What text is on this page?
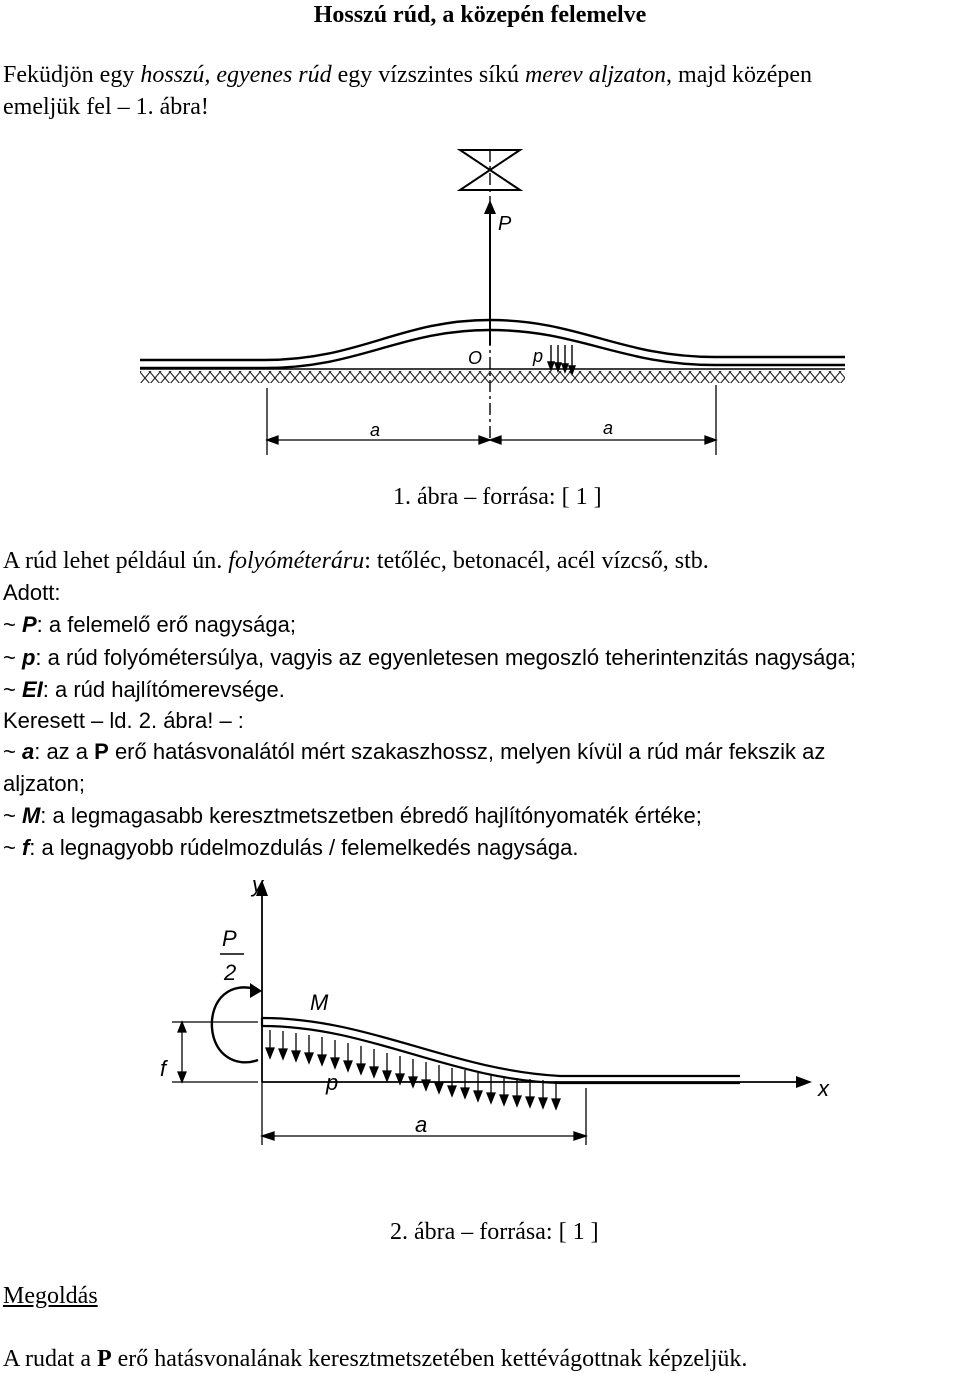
Hosszú rúd, a közepén felemelve
Feküdjön egy hosszú, egyenes rúd egy vízszintes síkú merev aljzaton, majd középen
emeljük fel – 1. ábra!
P
O	p
a	a
1. ábra – forrása: [ 1 ]
A rúd lehet például ún. folyóméteráru: tetőléc, betonacél, acél vízcső, stb.
Adott:
~ P: a felemelő erő nagysága;
~ p: a rúd folyómétersúlya, vagyis az egyenletesen megoszló teherintenzitás nagysága;
~ EI: a rúd hajlítómerevsége.
Keresett – ld. 2. ábra! – :
~ a: az a P erő hatásvonalától mért szakaszhossz, melyen kívül a rúd már fekszik az
aljzaton;
~ M: a legmagasabb keresztmetszetben ébredő hajlítónyomaték értéke;
~ f: a legnagyobb rúdelmozdulás / felemelkedés nagysága.
y
x
P
2
M
p
f
a
2. ábra – forrása: [ 1 ]
Megoldás
A rudat a P erő hatásvonalának keresztmetszetében kettévágottnak képzeljük.
